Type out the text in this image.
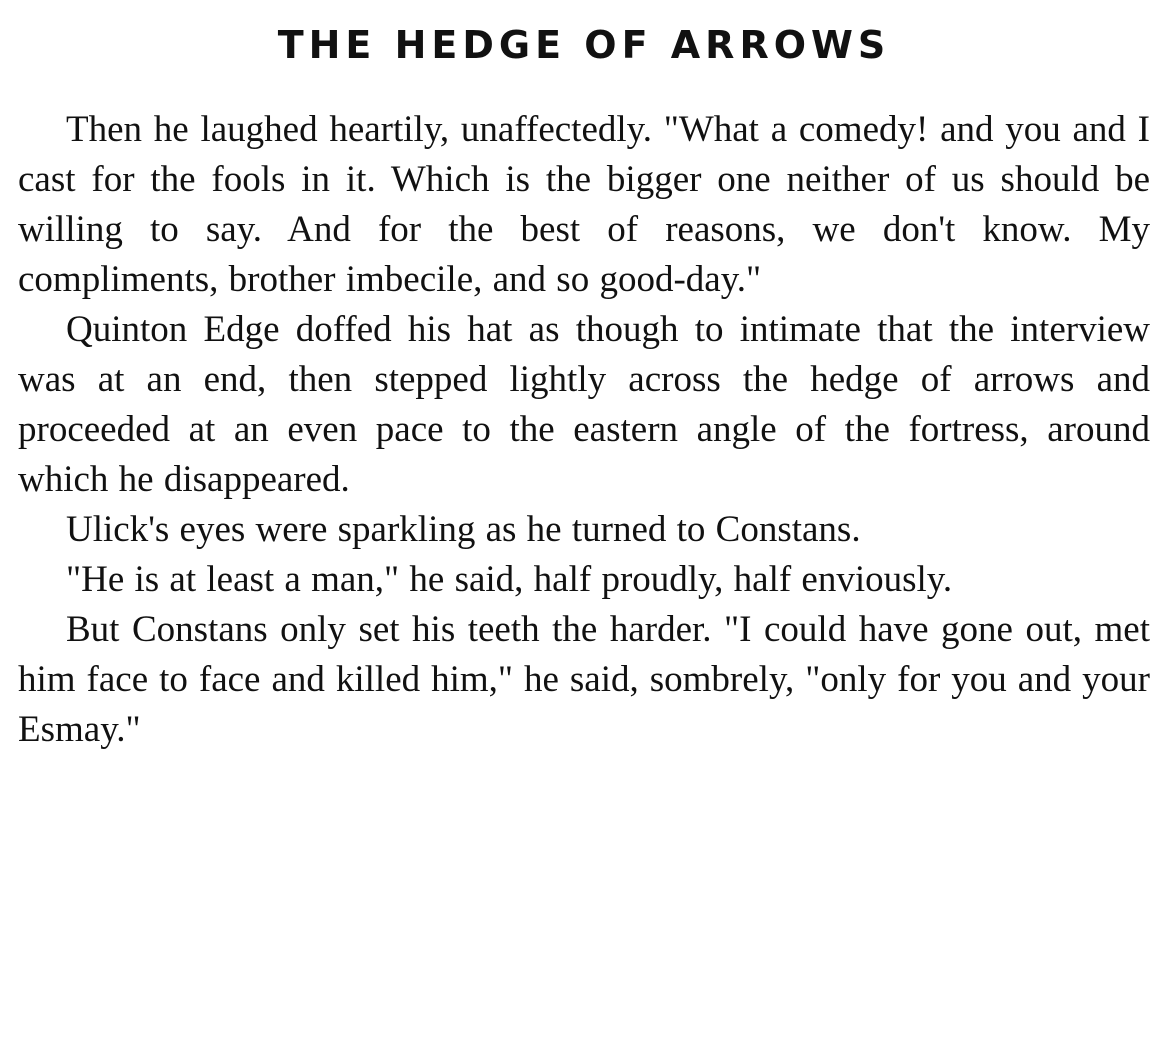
THE HEDGE OF ARROWS

Then he laughed heartily, unaffectedly. "What a comedy! and you and I cast for the fools in it. Which is the bigger one neither of us should be willing to say. And for the best of reasons, we don't know. My compliments, brother imbecile, and so good-day."

Quinton Edge doffed his hat as though to intimate that the interview was at an end, then stepped lightly across the hedge of arrows and proceeded at an even pace to the eastern angle of the fortress, around which he disappeared.

Ulick's eyes were sparkling as he turned to Constans.

"He is at least a man," he said, half proudly, half enviously.

But Constans only set his teeth the harder. "I could have gone out, met him face to face and killed him," he said, sombrely, "only for you and your Esmay."
